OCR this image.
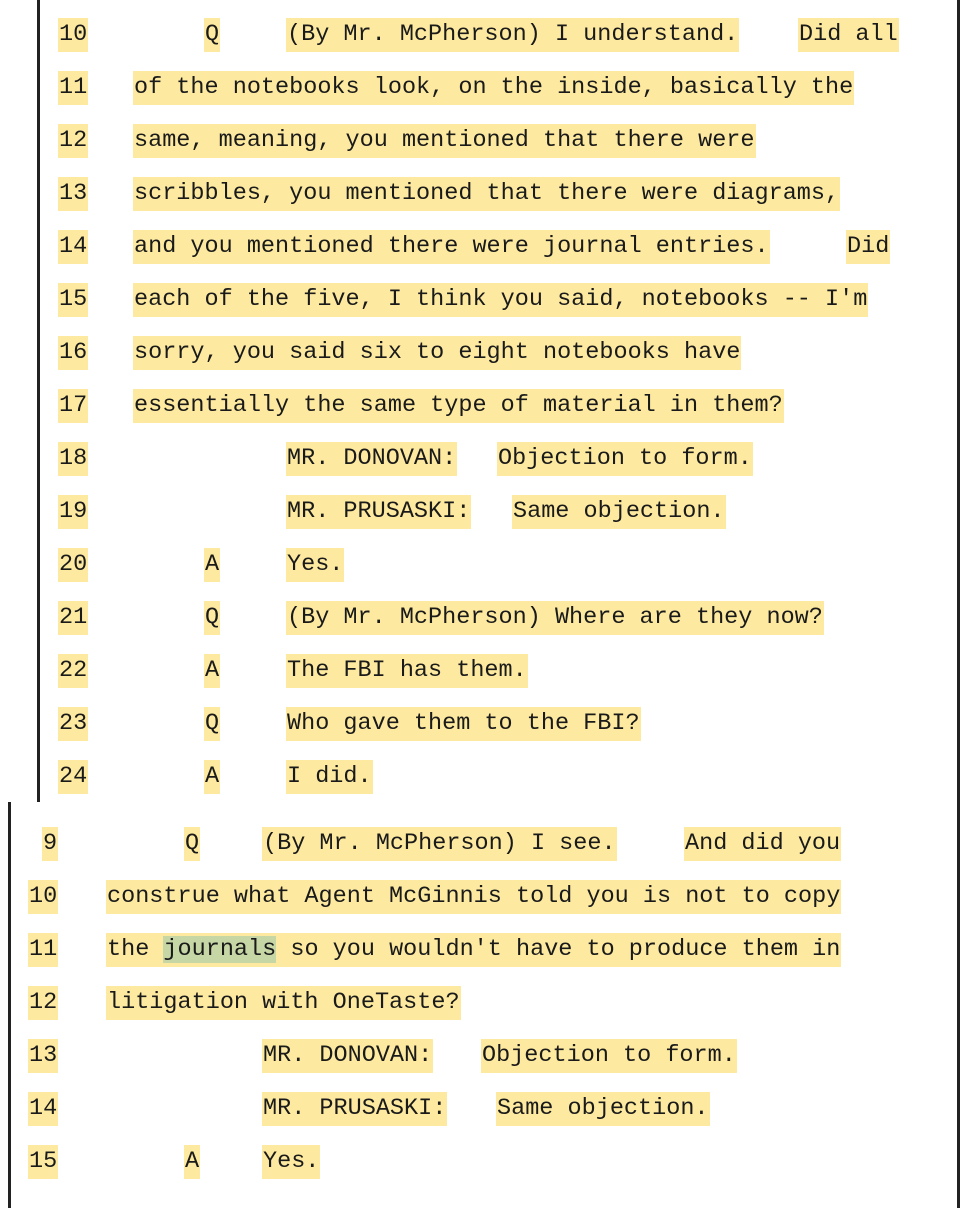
10	Q	(By Mr. McPherson) I understand.	Did all
11 of the notebooks look, on the inside, basically the
12 same, meaning, you mentioned that there were
13 scribbles, you mentioned that there were diagrams,
14 and you mentioned there were journal entries.	Did
15 each of the five, I think you said, notebooks -- I'm
16 sorry, you said six to eight notebooks have
17 essentially the same type of material in them?
18	MR. DONOVAN: Objection to form.
19	MR. PRUSASKI: Same objection.
20	A	Yes.
21	Q	(By Mr. McPherson) Where are they now?
22	A	The FBI has them.
23	Q	Who gave them to the FBI?
24	A	I did.
9	Q	(By Mr. McPherson) I see.	And did you
10 construe what Agent McGinnis told you is not to copy
11 the journals so you wouldn't have to produce them in
12 litigation with OneTaste?
13	MR. DONOVAN: Objection to form.
14	MR. PRUSASKI: Same objection.
15	A	Yes.
